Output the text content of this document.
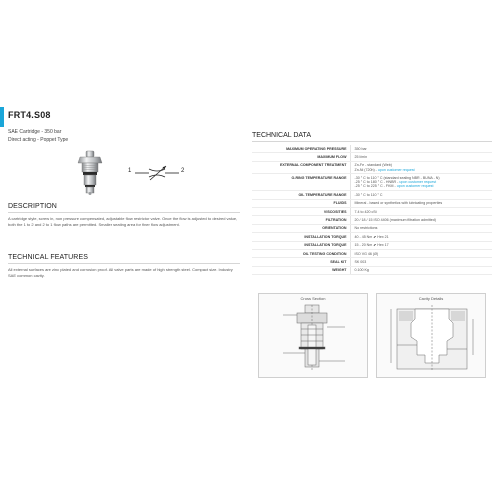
FRT4.S08
SAE Cartridge - 350 bar
Direct acting - Poppet Type
1	2
DESCRIPTION
A cartridge style, screw in, non pressure compensated, adjustable flow restrictor valve. Once the flow is adjusted to desired value, both the 1 to 2 and 2 to 1 flow paths are permitted. Smaller seating area for finer flow adjustment.
TECHNICAL FEATURES
All external surfaces are zinc plated and corrosion proof. All valve parts are made of high strength steel. Compact size. Industry SAE common cavity.
TECHNICAL DATA
MAXIMUM OPERATING PRESSURE	350 bar

MAXIMUM FLOW	25 l/min

EXTERNAL COMPONENT TREATMENT	Zn-Fe - standard (Web)
Zn-Ni (720h) - upon customer request

O-RING TEMPERATURE RANGE	-30 ° C to 110 ° C (standard sealing NBR - BUNA - N)
-25 ° C to 180 ° C - HNBR - upon customer request
-25 ° C to 225 ° C - FKM - upon customer request

OIL TEMPERATURE RANGE	-30 ° C to 110 ° C

FLUIDS	Mineral - based or synthetics with lubricating properties

VISCOSITIES	7.4 to 420 cSt

FILTRATION	20 / 18 / 15 ISO 4406 (maximum filtration admitted)

ORIENTATION	No restrictions

INSTALLATION TORQUE	40 - 45 Nm ⬈ Hex 21

INSTALLATION TORQUE	15 - 20 Nm ⬈ Hex 17

OIL TESTING CONDITION	ISO VG 46 (Ø)

SEAL KIT	SK 003

WEIGHT	0.100 Kg
Cross Section	Cavity Details
